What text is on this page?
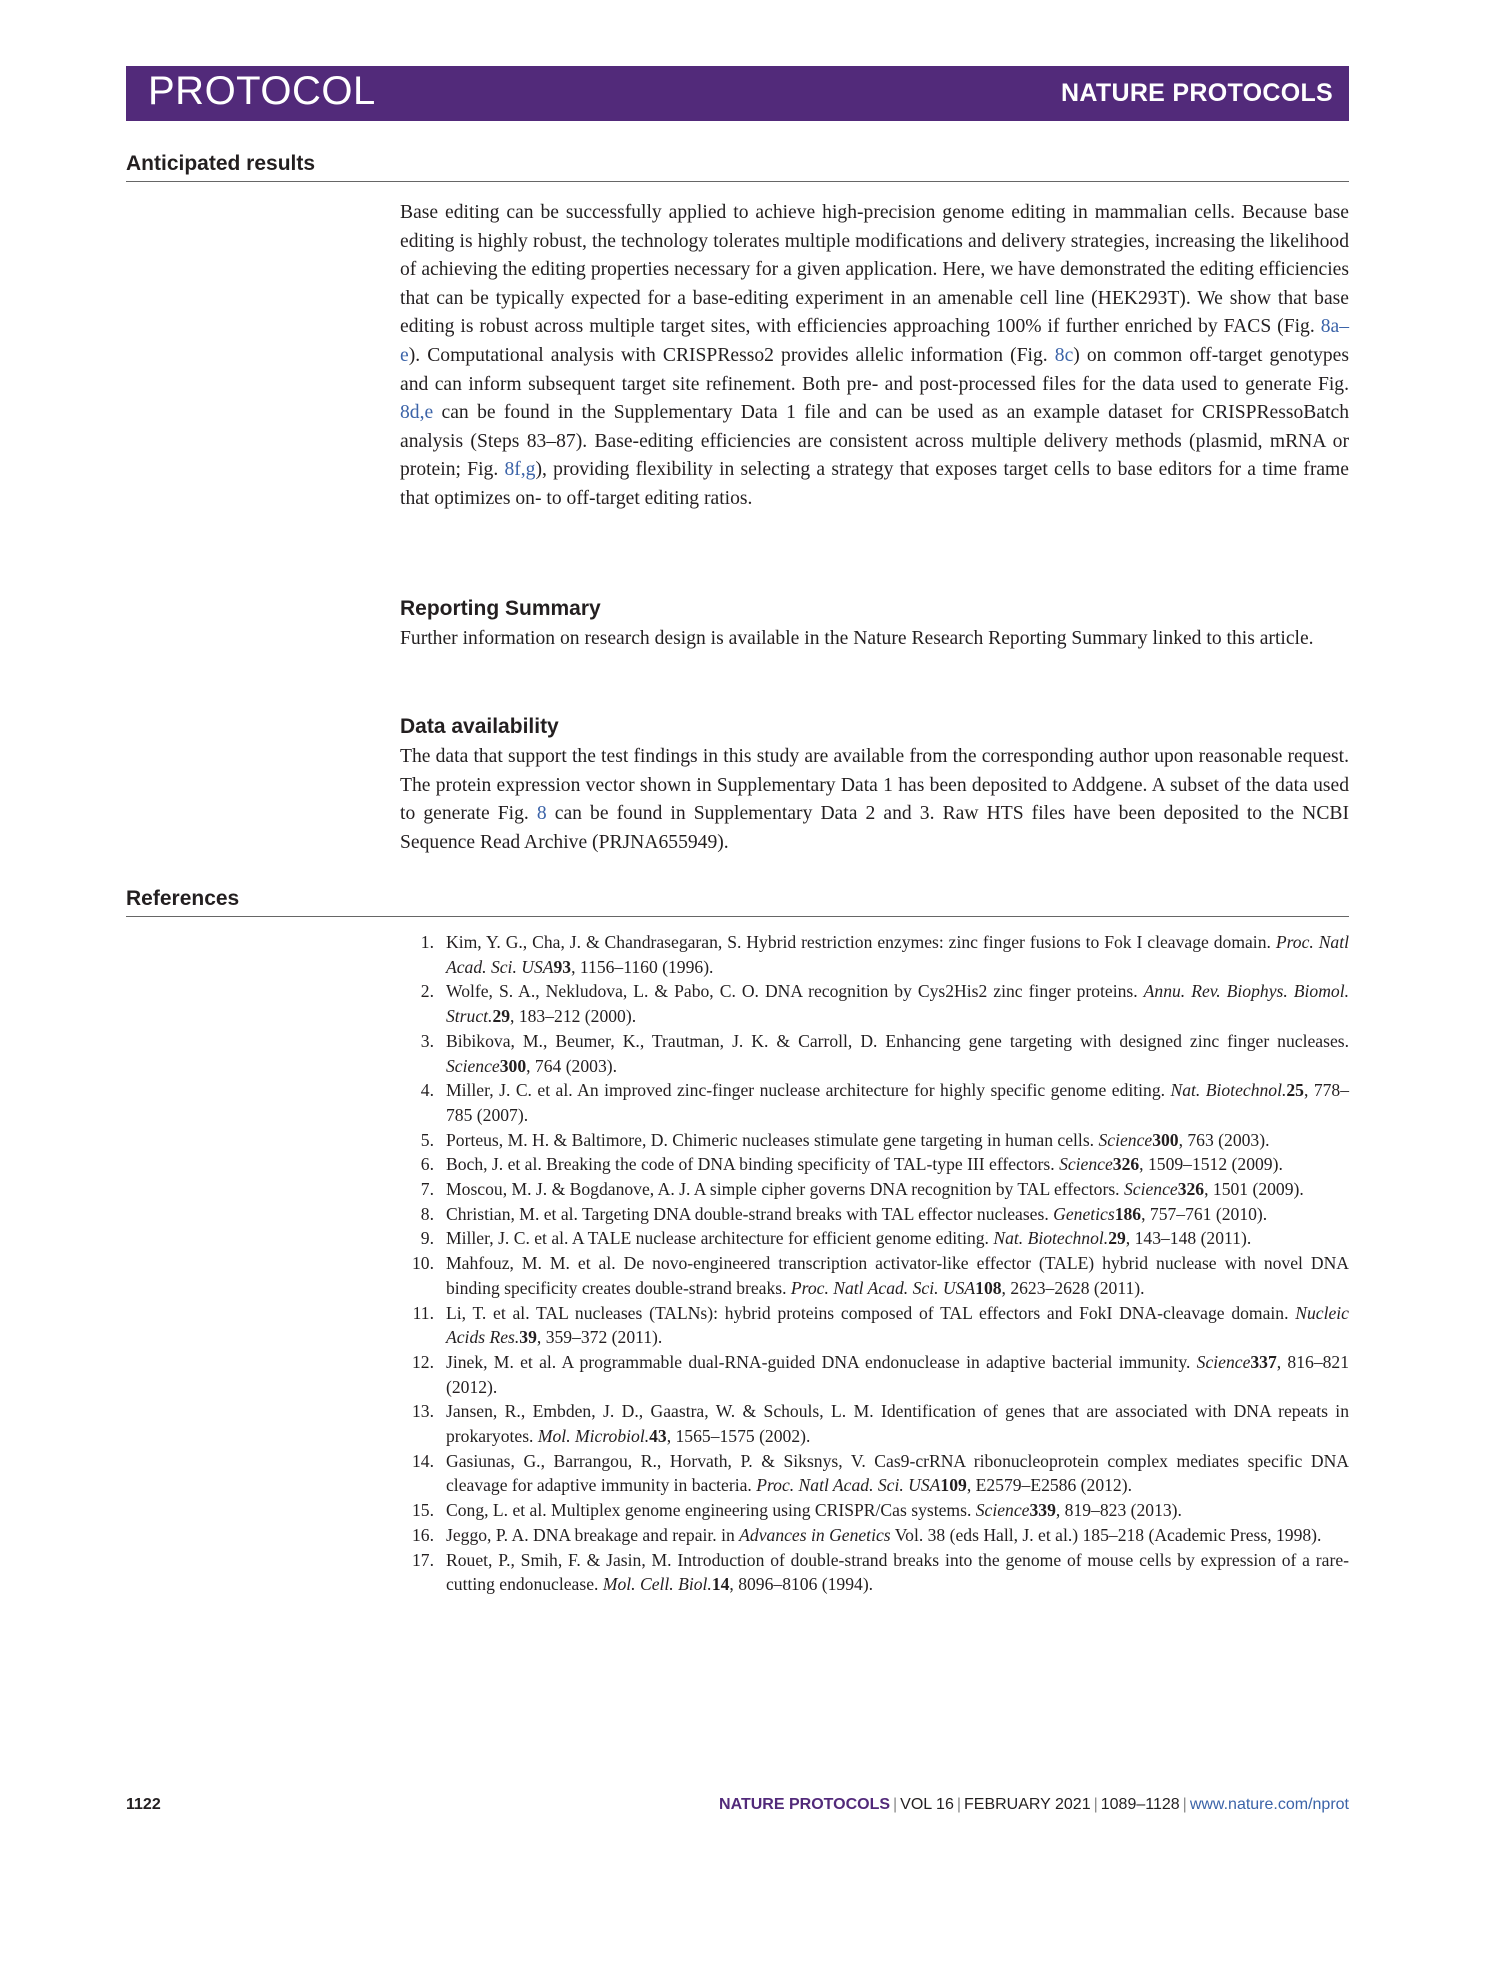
PROTOCOL	NATURE PROTOCOLS
Anticipated results
Base editing can be successfully applied to achieve high-precision genome editing in mammalian cells. Because base editing is highly robust, the technology tolerates multiple modifications and delivery strategies, increasing the likelihood of achieving the editing properties necessary for a given application. Here, we have demonstrated the editing efficiencies that can be typically expected for a base-editing experiment in an amenable cell line (HEK293T). We show that base editing is robust across multiple target sites, with efficiencies approaching 100% if further enriched by FACS (Fig. 8a–e). Computational analysis with CRISPResso2 provides allelic information (Fig. 8c) on common off-target genotypes and can inform subsequent target site refinement. Both pre- and post-processed files for the data used to generate Fig. 8d,e can be found in the Supplementary Data 1 file and can be used as an example dataset for CRISPRessoBatch analysis (Steps 83–87). Base-editing efficiencies are consistent across multiple delivery methods (plasmid, mRNA or protein; Fig. 8f,g), providing flexibility in selecting a strategy that exposes target cells to base editors for a time frame that optimizes on- to off-target editing ratios.
Reporting Summary
Further information on research design is available in the Nature Research Reporting Summary linked to this article.
Data availability
The data that support the test findings in this study are available from the corresponding author upon reasonable request. The protein expression vector shown in Supplementary Data 1 has been deposited to Addgene. A subset of the data used to generate Fig. 8 can be found in Supplementary Data 2 and 3. Raw HTS files have been deposited to the NCBI Sequence Read Archive (PRJNA655949).
References
1. Kim, Y. G., Cha, J. & Chandrasegaran, S. Hybrid restriction enzymes: zinc finger fusions to Fok I cleavage domain. Proc. Natl Acad. Sci. USA93, 1156–1160 (1996).
2. Wolfe, S. A., Nekludova, L. & Pabo, C. O. DNA recognition by Cys2His2 zinc finger proteins. Annu. Rev. Biophys. Biomol. Struct.29, 183–212 (2000).
3. Bibikova, M., Beumer, K., Trautman, J. K. & Carroll, D. Enhancing gene targeting with designed zinc finger nucleases. Science300, 764 (2003).
4. Miller, J. C. et al. An improved zinc-finger nuclease architecture for highly specific genome editing. Nat. Biotechnol.25, 778–785 (2007).
5. Porteus, M. H. & Baltimore, D. Chimeric nucleases stimulate gene targeting in human cells. Science300, 763 (2003).
6. Boch, J. et al. Breaking the code of DNA binding specificity of TAL-type III effectors. Science326, 1509–1512 (2009).
7. Moscou, M. J. & Bogdanove, A. J. A simple cipher governs DNA recognition by TAL effectors. Science326, 1501 (2009).
8. Christian, M. et al. Targeting DNA double-strand breaks with TAL effector nucleases. Genetics186, 757–761 (2010).
9. Miller, J. C. et al. A TALE nuclease architecture for efficient genome editing. Nat. Biotechnol.29, 143–148 (2011).
10. Mahfouz, M. M. et al. De novo-engineered transcription activator-like effector (TALE) hybrid nuclease with novel DNA binding specificity creates double-strand breaks. Proc. Natl Acad. Sci. USA108, 2623–2628 (2011).
11. Li, T. et al. TAL nucleases (TALNs): hybrid proteins composed of TAL effectors and FokI DNA-cleavage domain. Nucleic Acids Res.39, 359–372 (2011).
12. Jinek, M. et al. A programmable dual-RNA-guided DNA endonuclease in adaptive bacterial immunity. Science337, 816–821 (2012).
13. Jansen, R., Embden, J. D., Gaastra, W. & Schouls, L. M. Identification of genes that are associated with DNA repeats in prokaryotes. Mol. Microbiol.43, 1565–1575 (2002).
14. Gasiunas, G., Barrangou, R., Horvath, P. & Siksnys, V. Cas9-crRNA ribonucleoprotein complex mediates specific DNA cleavage for adaptive immunity in bacteria. Proc. Natl Acad. Sci. USA109, E2579–E2586 (2012).
15. Cong, L. et al. Multiplex genome engineering using CRISPR/Cas systems. Science339, 819–823 (2013).
16. Jeggo, P. A. DNA breakage and repair. in Advances in Genetics Vol. 38 (eds Hall, J. et al.) 185–218 (Academic Press, 1998).
17. Rouet, P., Smih, F. & Jasin, M. Introduction of double-strand breaks into the genome of mouse cells by expression of a rare-cutting endonuclease. Mol. Cell. Biol.14, 8096–8106 (1994).
1122	NATURE PROTOCOLS | VOL 16 | FEBRUARY 2021 | 1089–1128 | www.nature.com/nprot
